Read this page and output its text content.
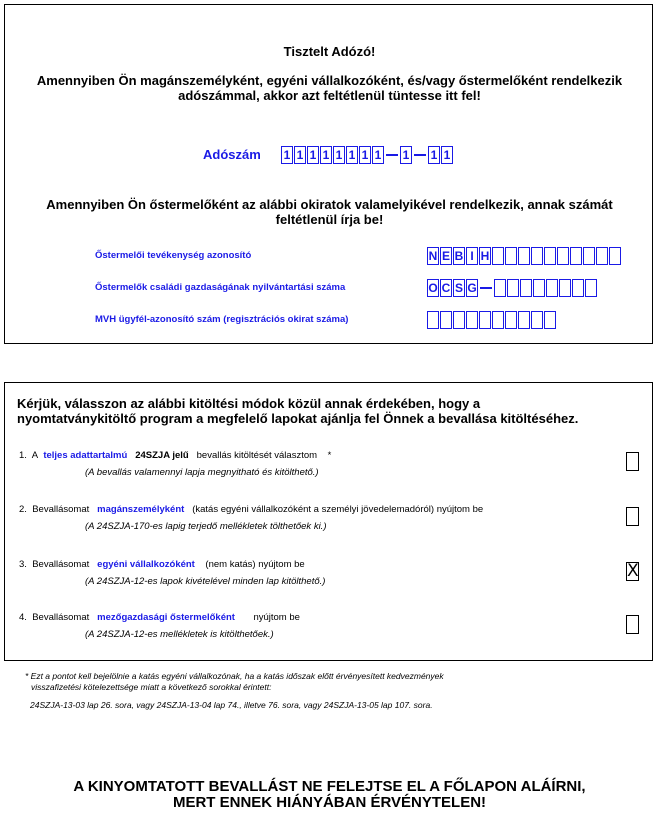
Tisztelt Adózó!
Amennyiben Ön magánszemélyként, egyéni vállalkozóként, és/vagy őstermelőként rendelkezik
adószámmal, akkor azt feltétlenül tüntesse itt fel!
Adószám 1 1 1 1 1 1 1 1 1 1 1
Amennyiben Ön őstermelőként az alábbi okiratok valamelyikével rendelkezik, annak számát
feltétlenül írja be!
Őstermelői tevékenység azonosító	N E B I H
Őstermelők családi gazdaságának nyilvántartási száma	O C S G
MVH ügyfél-azonosító szám (regisztrációs okirat száma)
Kérjük, válasszon az alábbi kitöltési módok közül annak érdekében, hogy a
nyomtatványkitöltő program a megfelelő lapokat ajánlja fel Önnek a bevallása kitöltéséhez.
1. A teljes adattartalmú 24SZJA jelű bevallás kitöltését választom *
(A bevallás valamennyi lapja megnyitható és kitölthető.)
2. Bevallásomat magánszemélyként (katás egyéni vállalkozóként a személyi jövedelemadóról) nyújtom be
(A 24SZJA-170-es lapig terjedő mellékletek tölthetőek ki.)
3. Bevallásomat egyéni vállalkozóként (nem katás) nyújtom be
(A 24SZJA-12-es lapok kivételével minden lap kitölthető.)
X
4. Bevallásomat mezőgazdasági őstermelőként nyújtom be
(A 24SZJA-12-es mellékletek is kitölthetőek.)
* Ezt a pontot kell bejelölnie a katás egyéni vállalkozónak, ha a katás időszak előtt érvényesített kedvezmények
visszafizetési kötelezettsége miatt a következő sorokkal érintett:
24SZJA-13-03 lap 26. sora, vagy 24SZJA-13-04 lap 74., illetve 76. sora, vagy 24SZJA-13-05 lap 107. sora.
A KINYOMTATOTT BEVALLÁST NE FELEJTSE EL A FŐLAPON ALÁÍRNI,
MERT ENNEK HIÁNYÁBAN ÉRVÉNYTELEN!
